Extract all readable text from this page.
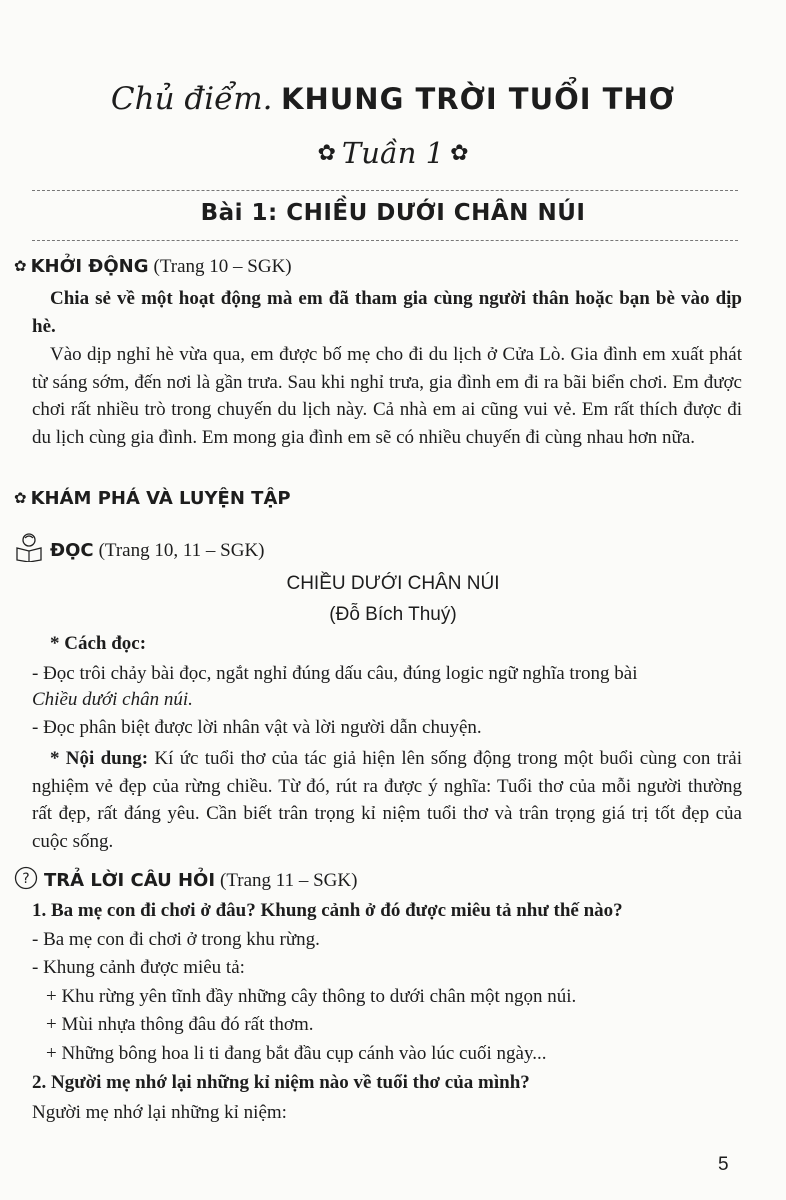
Chủ điểm. KHUNG TRỜI TUỔI THƠ
✿ Tuần 1 ✿
Bài 1: CHIỀU DƯỚI CHÂN NÚI
✿ KHỞI ĐỘNG (Trang 10 – SGK)
Chia sẻ về một hoạt động mà em đã tham gia cùng người thân hoặc bạn bè vào dịp hè.
Vào dịp nghỉ hè vừa qua, em được bố mẹ cho đi du lịch ở Cửa Lò. Gia đình em xuất phát từ sáng sớm, đến nơi là gần trưa. Sau khi nghỉ trưa, gia đình em đi ra bãi biển chơi. Em được chơi rất nhiều trò trong chuyến du lịch này. Cả nhà em ai cũng vui vẻ. Em rất thích được đi du lịch cùng gia đình. Em mong gia đình em sẽ có nhiều chuyến đi cùng nhau hơn nữa.
✿ KHÁM PHÁ VÀ LUYỆN TẬP
ĐỌC (Trang 10, 11 – SGK)
CHIỀU DƯỚI CHÂN NÚI
(Đỗ Bích Thuý)
* Cách đọc:
- Đọc trôi chảy bài đọc, ngắt nghỉ đúng dấu câu, đúng logic ngữ nghĩa trong bài
Chiều dưới chân núi.
- Đọc phân biệt được lời nhân vật và lời người dẫn chuyện.
* Nội dung: Kí ức tuổi thơ của tác giả hiện lên sống động trong một buổi cùng con trải nghiệm vẻ đẹp của rừng chiều. Từ đó, rút ra được ý nghĩa: Tuổi thơ của mỗi người thường rất đẹp, rất đáng yêu. Cần biết trân trọng kỉ niệm tuổi thơ và trân trọng giá trị tốt đẹp của cuộc sống.
? TRẢ LỜI CÂU HỎI (Trang 11 – SGK)
1. Ba mẹ con đi chơi ở đâu? Khung cảnh ở đó được miêu tả như thế nào?
- Ba mẹ con đi chơi ở trong khu rừng.
- Khung cảnh được miêu tả:
+ Khu rừng yên tĩnh đầy những cây thông to dưới chân một ngọn núi.
+ Mùi nhựa thông đâu đó rất thơm.
+ Những bông hoa li ti đang bắt đầu cụp cánh vào lúc cuối ngày...
2. Người mẹ nhớ lại những kỉ niệm nào về tuổi thơ của mình?
Người mẹ nhớ lại những kỉ niệm:
5
